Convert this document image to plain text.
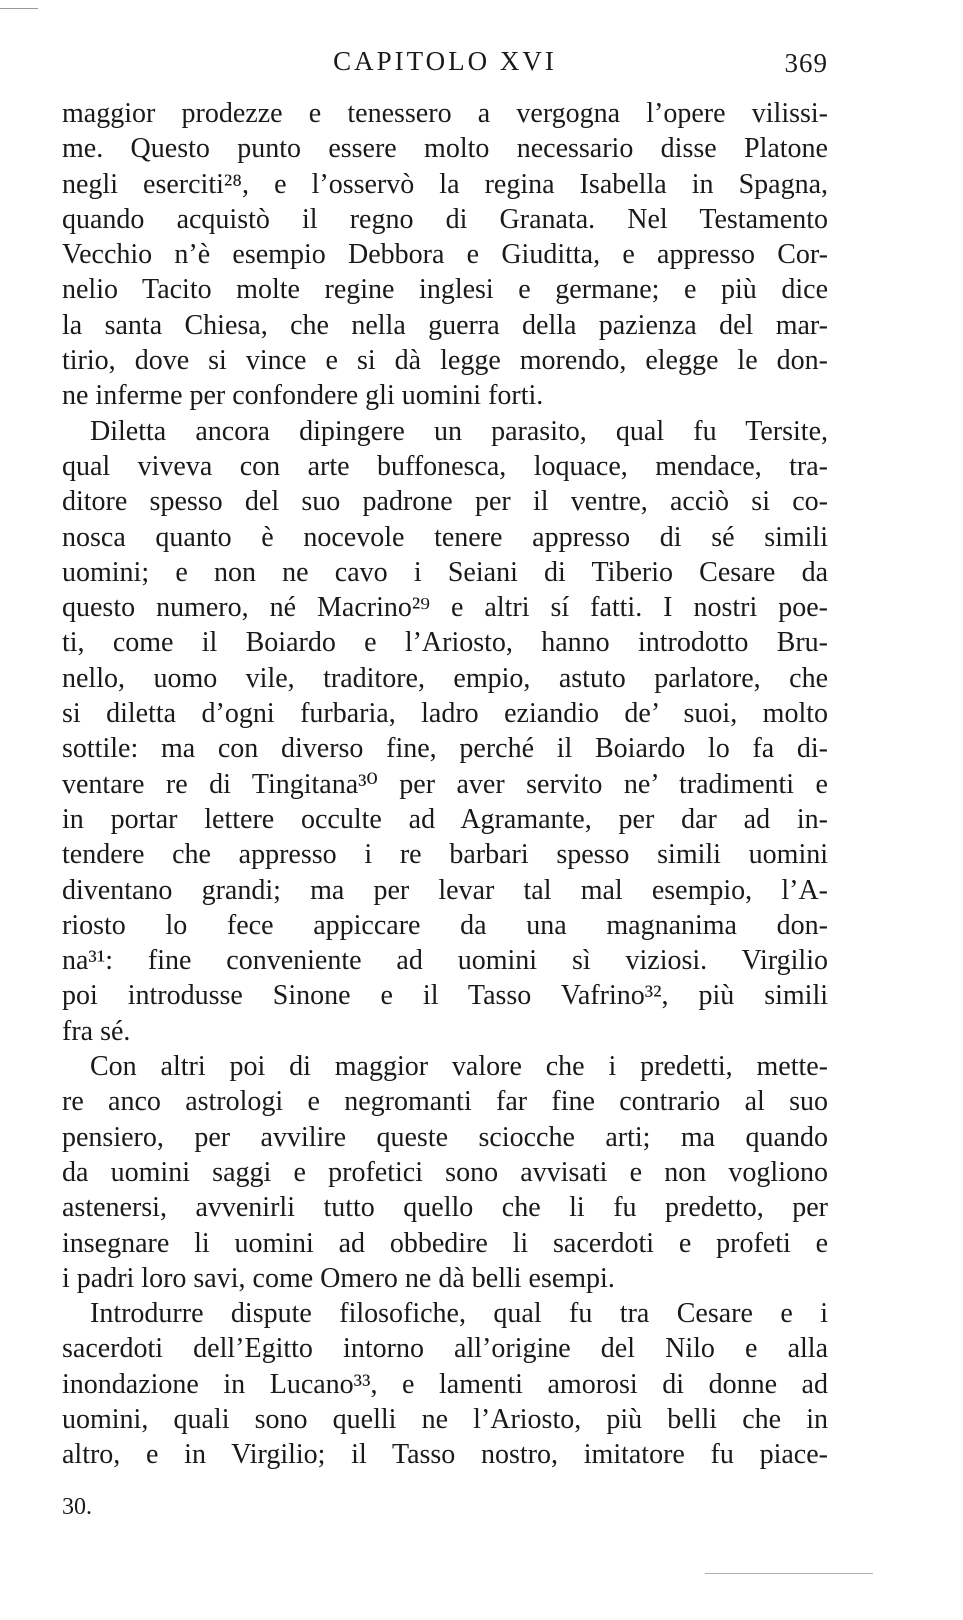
CAPITOLO XVI	369
maggior prodezze e tenessero a vergogna l’opere vilissi-
me. Questo punto essere molto necessario disse Platone
negli eserciti²⁸, e l’osservò la regina Isabella in Spagna,
quando acquistò il regno di Granata. Nel Testamento
Vecchio n’è esempio Debbora e Giuditta, e appresso Cor-
nelio Tacito molte regine inglesi e germane; e più dice
la santa Chiesa, che nella guerra della pazienza del mar-
tirio, dove si vince e si dà legge morendo, elegge le don-
ne inferme per confondere gli uomini forti.
Diletta ancora dipingere un parasito, qual fu Tersite,
qual viveva con arte buffonesca, loquace, mendace, tra-
ditore spesso del suo padrone per il ventre, acciò si co-
nosca quanto è nocevole tenere appresso di sé simili
uomini; e non ne cavo i Seiani di Tiberio Cesare da
questo numero, né Macrino²⁹ e altri sí fatti. I nostri poe-
ti, come il Boiardo e l’Ariosto, hanno introdotto Bru-
nello, uomo vile, traditore, empio, astuto parlatore, che
si diletta d’ogni furbaria, ladro eziandio de’ suoi, molto
sottile: ma con diverso fine, perché il Boiardo lo fa di-
ventare re di Tingitana³⁰ per aver servito ne’ tradimenti e
in portar lettere occulte ad Agramante, per dar ad in-
tendere che appresso i re barbari spesso simili uomini
diventano grandi; ma per levar tal mal esempio, l’A-
riosto lo fece appiccare da una magnanima don-
na³¹: fine conveniente ad uomini sì viziosi. Virgilio
poi introdusse Sinone e il Tasso Vafrino³², più simili
fra sé.
Con altri poi di maggior valore che i predetti, mette-
re anco astrologi e negromanti far fine contrario al suo
pensiero, per avvilire queste sciocche arti; ma quando
da uomini saggi e profetici sono avvisati e non vogliono
astenersi, avvenirli tutto quello che li fu predetto, per
insegnare li uomini ad obbedire li sacerdoti e profeti e
i padri loro savi, come Omero ne dà belli esempi.
Introdurre dispute filosofiche, qual fu tra Cesare e i
sacerdoti dell’Egitto intorno all’origine del Nilo e alla
inondazione in Lucano³³, e lamenti amorosi di donne ad
uomini, quali sono quelli ne l’Ariosto, più belli che in
altro, e in Virgilio; il Tasso nostro, imitatore fu piace-
30.
